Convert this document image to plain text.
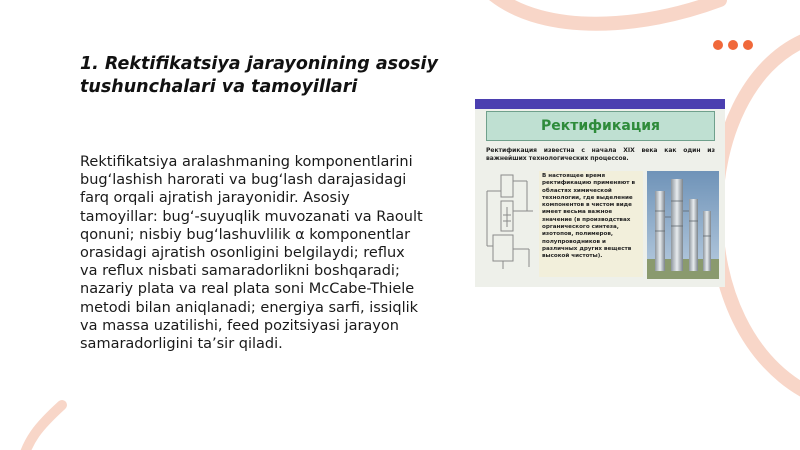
1. Rektifikatsiya jarayonining asosiy tushunchalari va tamoyillari

Rektifikatsiya aralashmaning komponentlarini bug‘lashish harorati va bug‘lash darajasidagi farq orqali ajratish jarayonidir. Asosiy tamoyillar: bug‘-suyuqlik muvozanati va Raoult qonuni; nisbiy bug‘lashuvlilik α komponentlar orasidagi ajratish osonligini belgilaydi; reflux va reflux nisbati samaradorlikni boshqaradi; nazariy plata va real plata soni McCabe-Thiele metodi bilan aniqlanadi; energiya sarfi, issiqlik va massa uzatilishi, feed pozitsiyasi jarayon samaradorligini ta’sir qiladi.

Ректификация

Ректификация известна с начала XIX века как один из важнейших технологических процессов.

В настоящее время ректификацию применяют в областях химической технологии, где выделение компонентов в чистом виде имеет весьма важное значение (в производствах органического синтеза, изотопов, полимеров, полупроводников и различных других веществ высокой чистоты).
